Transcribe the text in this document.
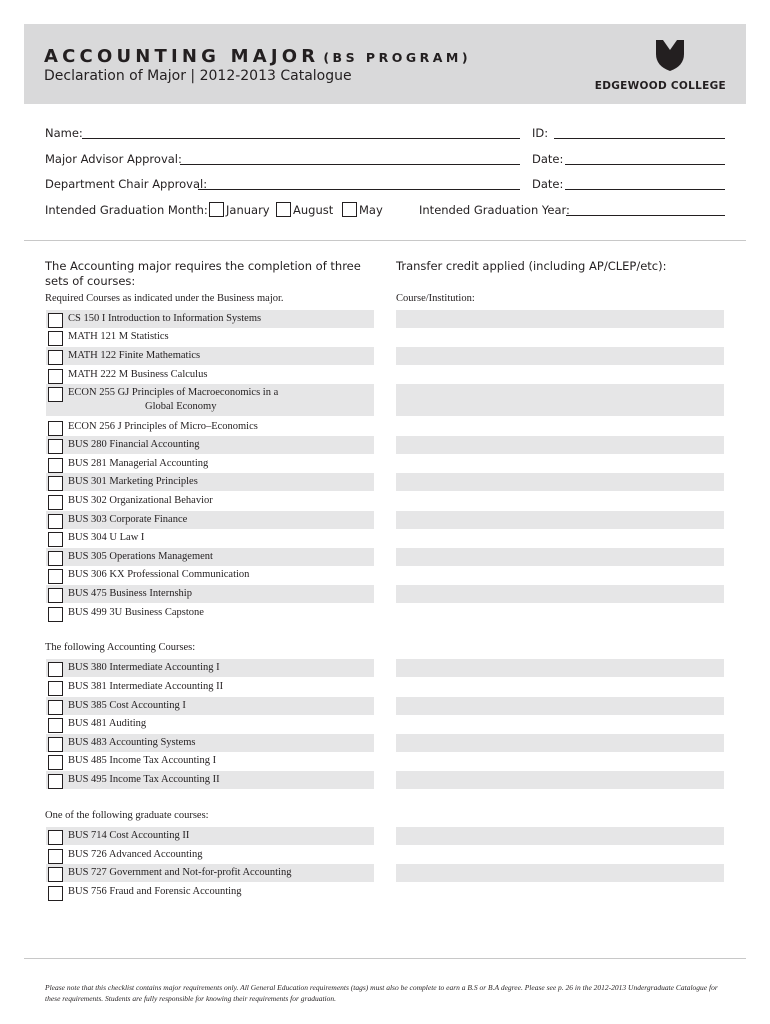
ACCOUNTING MAJOR (BS PROGRAM)
Declaration of Major | 2012-2013 Catalogue
EDGEWOOD COLLEGE
Name:	ID:
Major Advisor Approval:	Date:
Department Chair Approval:	Date:
Intended Graduation Month: January August May	Intended Graduation Year:
The Accounting major requires the completion of three sets of courses:
Transfer credit applied (including AP/CLEP/etc):
Required Courses as indicated under the Business major.	Course/Institution:
CS 150 I Introduction to Information Systems
MATH 121 M Statistics
MATH 122 Finite Mathematics
MATH 222 M Business Calculus
ECON 255 GJ Principles of Macroeconomics in a
Global Economy
ECON 256 J Principles of Micro–Economics
BUS 280 Financial Accounting
BUS 281 Managerial Accounting
BUS 301 Marketing Principles
BUS 302 Organizational Behavior
BUS 303 Corporate Finance
BUS 304 U Law I
BUS 305 Operations Management
BUS 306 KX Professional Communication
BUS 475 Business Internship
BUS 499 3U Business Capstone
The following Accounting Courses:
BUS 380 Intermediate Accounting I
BUS 381 Intermediate Accounting II
BUS 385 Cost Accounting I
BUS 481 Auditing
BUS 483 Accounting Systems
BUS 485 Income Tax Accounting I
BUS 495 Income Tax Accounting II
One of the following graduate courses:
BUS 714 Cost Accounting II
BUS 726 Advanced Accounting
BUS 727 Government and Not-for-profit Accounting
BUS 756 Fraud and Forensic Accounting
Please note that this checklist contains major requirements only. All General Education requirements (tags) must also be complete to earn a B.S or B.A degree. Please see p. 26 in the 2012-2013 Undergraduate Catalogue for these requirements. Students are fully responsible for knowing their requirements for graduation.
